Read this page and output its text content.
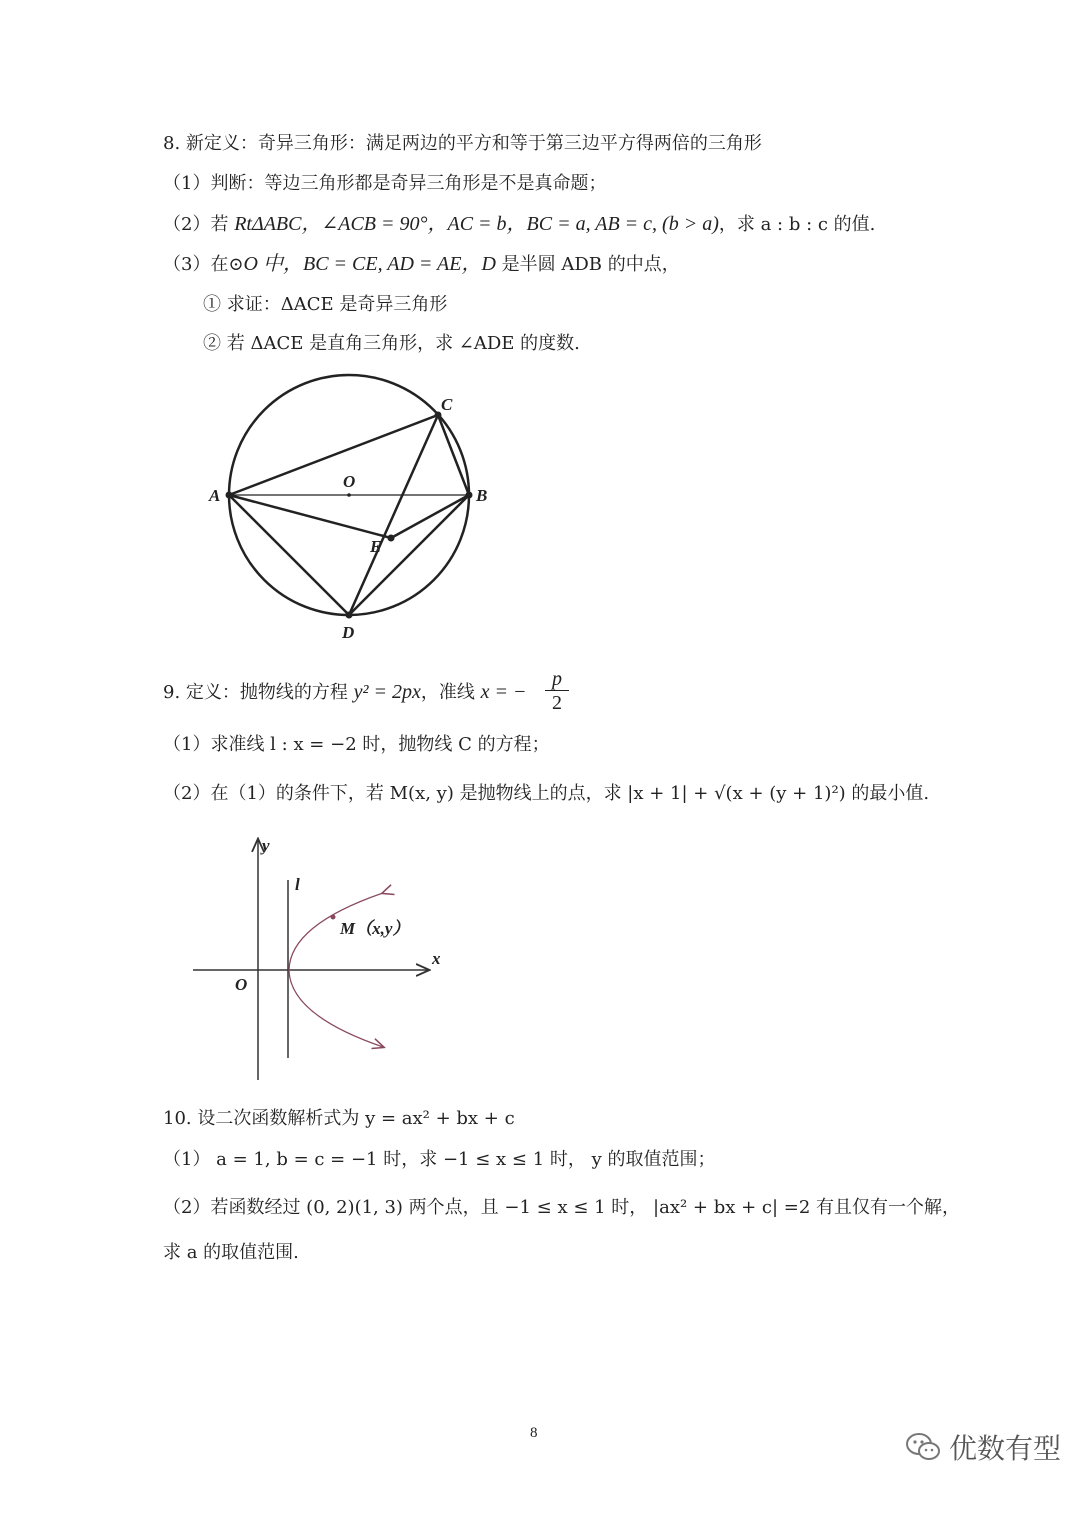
8. 新定义：奇异三角形：满足两边的平方和等于第三边平方得两倍的三角形
（1）判断：等边三角形都是奇异三角形是不是真命题；
（2）若 RtΔABC，∠ACB = 90°，AC = b，BC = a, AB = c, (b > a)，求 a : b : c 的值.
（3）在⊙O 中，BC = CE, AD = AE，D 是半圆 ADB 的中点，
① 求证：ΔACE 是奇异三角形
② 若 ΔACE 是直角三角形，求 ∠ADE 的度数.
A	B
C
D
E
O
9. 定义：抛物线的方程 y² = 2px，准线 x = − $\frac{p}{2}$
（1）求准线 l : x = −2 时，抛物线 C 的方程；
（2）在（1）的条件下，若 M(x, y) 是抛物线上的点，求 |x + 1| + √(x + (y + 1)²) 的最小值.
y
l
M（x,y）
x
O
10. 设二次函数解析式为 y = ax² + bx + c
（1） a = 1, b = c = −1 时，求 −1 ≤ x ≤ 1 时， y 的取值范围；
（2）若函数经过 (0, 2)(1, 3) 两个点，且 −1 ≤ x ≤ 1 时， |ax² + bx + c| =2 有且仅有一个解，
求 a 的取值范围.
8	优数有型
